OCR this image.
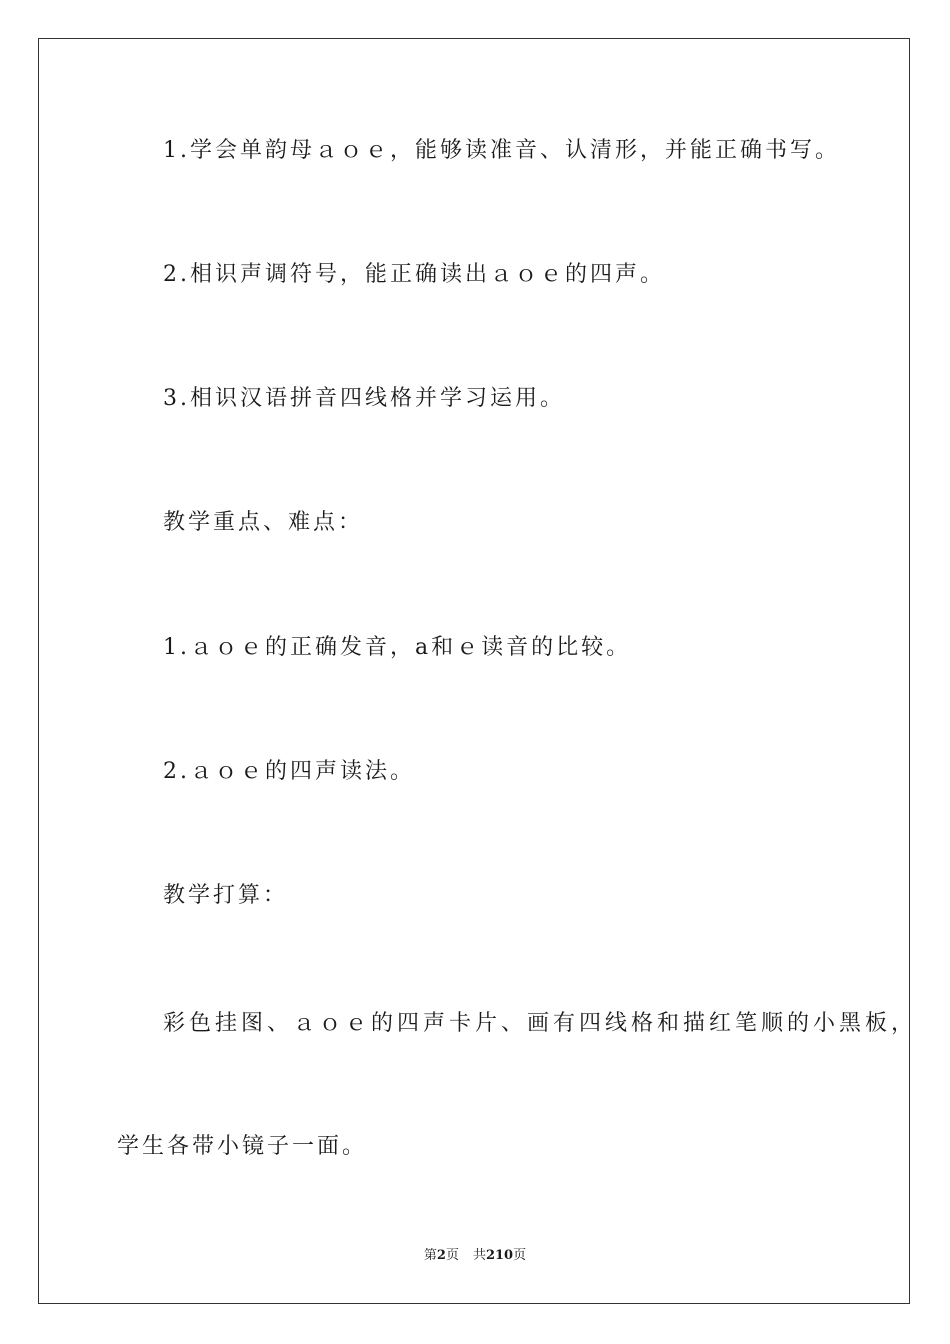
1.学会单韵母ａｏｅ，能够读准音、认清形，并能正确书写。
2.相识声调符号，能正确读出ａｏｅ的四声。
3.相识汉语拼音四线格并学习运用。
教学重点、难点：
1.ａｏｅ的正确发音，a和ｅ读音的比较。
2.ａｏｅ的四声读法。
教学打算：
彩色挂图、ａｏｅ的四声卡片、画有四线格和描红笔顺的小黑板，
学生各带小镜子一面。
第2页 共210页
